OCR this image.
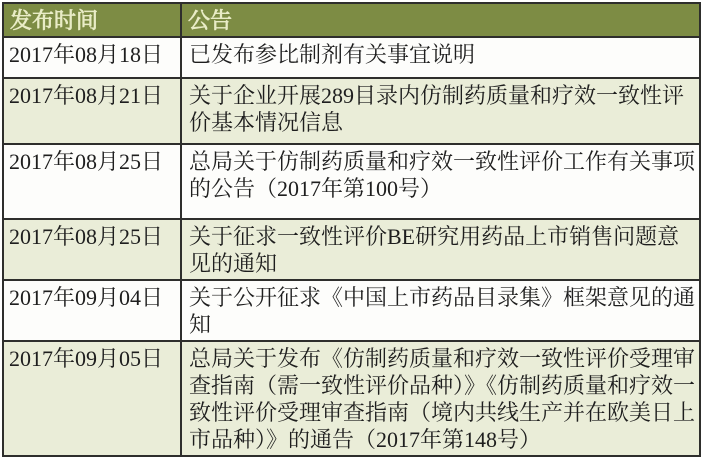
发布时间	公告
2017年08月18日	已发布参比制剂有关事宜说明
2017年08月21日	关于企业开展289目录内仿制药质量和疗效一致性评价基本情况信息
2017年08月25日	总局关于仿制药质量和疗效一致性评价工作有关事项的公告（2017年第100号）
2017年08月25日	关于征求一致性评价BE研究用药品上市销售问题意见的通知
2017年09月04日	关于公开征求《中国上市药品目录集》框架意见的通知
2017年09月05日	总局关于发布《仿制药质量和疗效一致性评价受理审查指南（需一致性评价品种）》《仿制药质量和疗效一致性评价受理审查指南（境内共线生产并在欧美日上市品种）》的通告（2017年第148号）
